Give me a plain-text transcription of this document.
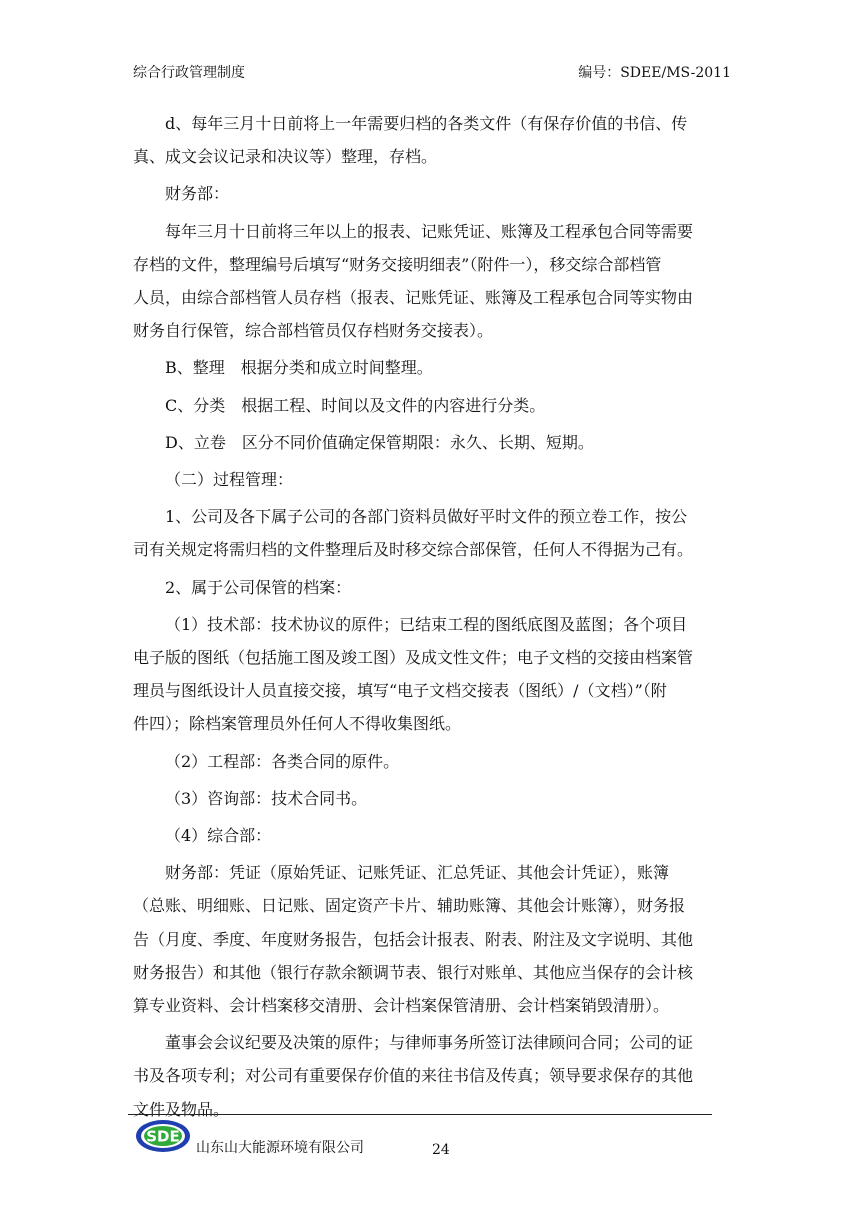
综合行政管理制度	编号：SDEE/MS-2011
d、每年三月十日前将上一年需要归档的各类文件（有保存价值的书信、传
真、成文会议记录和决议等）整理，存档。
财务部：
每年三月十日前将三年以上的报表、记账凭证、账簿及工程承包合同等需要
存档的文件，整理编号后填写“财务交接明细表”（附件一），移交综合部档管
人员，由综合部档管人员存档（报表、记账凭证、账簿及工程承包合同等实物由
财务自行保管，综合部档管员仅存档财务交接表）。
B、整理　根据分类和成立时间整理。
C、分类　根据工程、时间以及文件的内容进行分类。
D、立卷　区分不同价值确定保管期限：永久、长期、短期。
（二）过程管理：
1、公司及各下属子公司的各部门资料员做好平时文件的预立卷工作，按公
司有关规定将需归档的文件整理后及时移交综合部保管，任何人不得据为己有。
2、属于公司保管的档案：
（1）技术部：技术协议的原件；已结束工程的图纸底图及蓝图；各个项目
电子版的图纸（包括施工图及竣工图）及成文性文件；电子文档的交接由档案管
理员与图纸设计人员直接交接，填写“电子文档交接表（图纸）/（文档）”（附
件四）；除档案管理员外任何人不得收集图纸。
（2）工程部：各类合同的原件。
（3）咨询部：技术合同书。
（4）综合部：
财务部：凭证（原始凭证、记账凭证、汇总凭证、其他会计凭证），账簿
（总账、明细账、日记账、固定资产卡片、辅助账簿、其他会计账簿），财务报
告（月度、季度、年度财务报告，包括会计报表、附表、附注及文字说明、其他
财务报告）和其他（银行存款余额调节表、银行对账单、其他应当保存的会计核
算专业资料、会计档案移交清册、会计档案保管清册、会计档案销毁清册）。
董事会会议纪要及决策的原件；与律师事务所签订法律顾问合同；公司的证
书及各项专利；对公司有重要保存价值的来往书信及传真；领导要求保存的其他
文件及物品。
SDE
山东山大能源环境有限公司	24
